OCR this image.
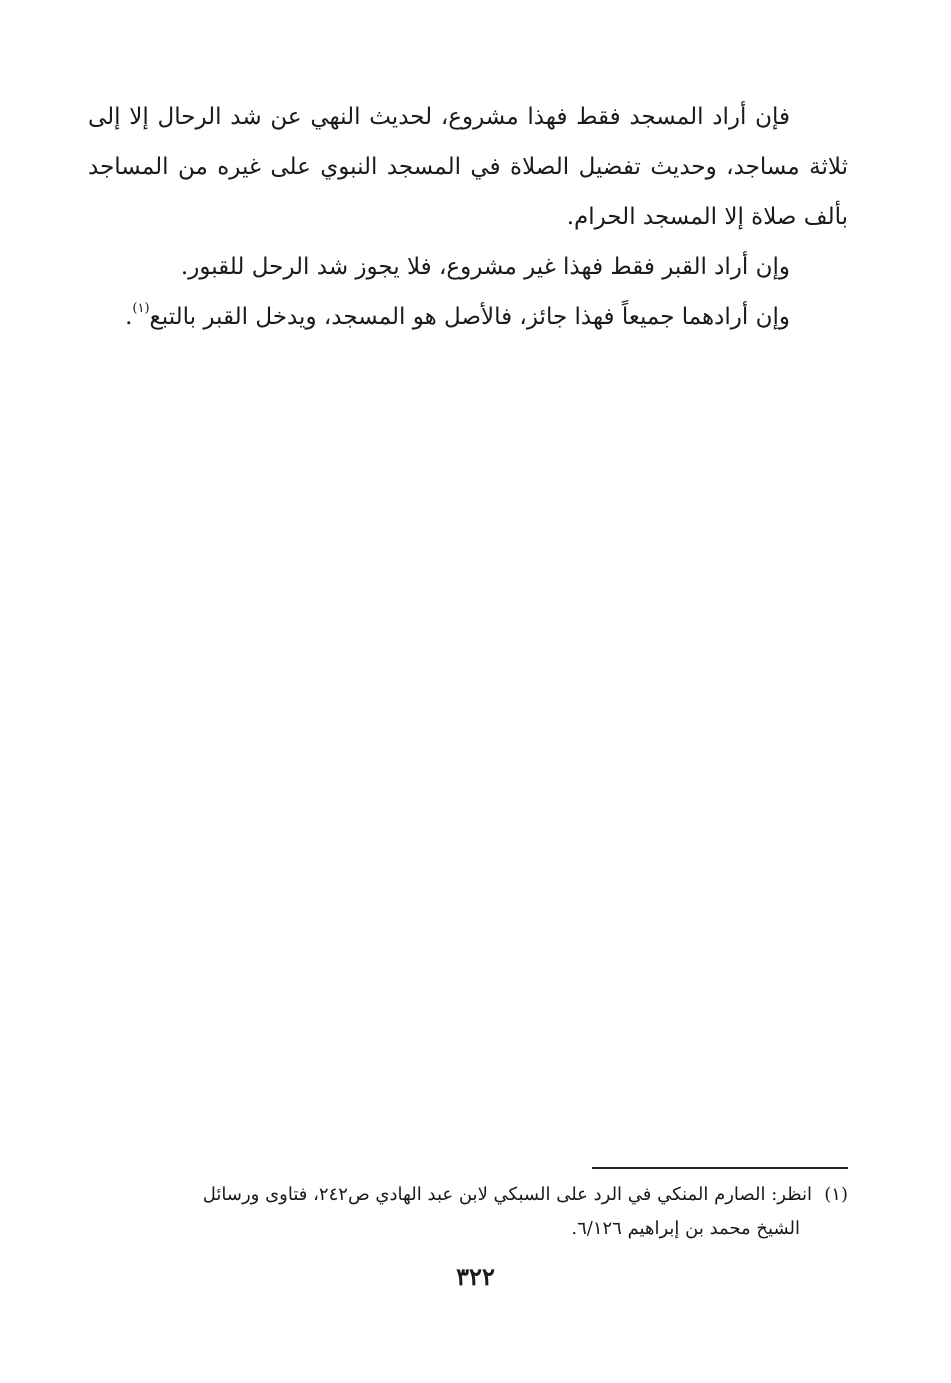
فإن أراد المسجد فقط فهذا مشروع، لحديث النهي عن شد الرحال إلا إلى ثلاثة مساجد، وحديث تفضيل الصلاة في المسجد النبوي على غيره من المساجد بألف صلاة إلا المسجد الحرام.

وإن أراد القبر فقط فهذا غير مشروع، فلا يجوز شد الرحل للقبور.

وإن أرادهما جميعاً فهذا جائز، فالأصل هو المسجد، ويدخل القبر بالتبع$^{(١)}$.

(١)انظر: الصارم المنكي في الرد على السبكي لابن عبد الهادي ص٢٤٢، فتاوى ورسائل

الشيخ محمد بن إبراهيم ٦/١٢٦.

٣٢٢
